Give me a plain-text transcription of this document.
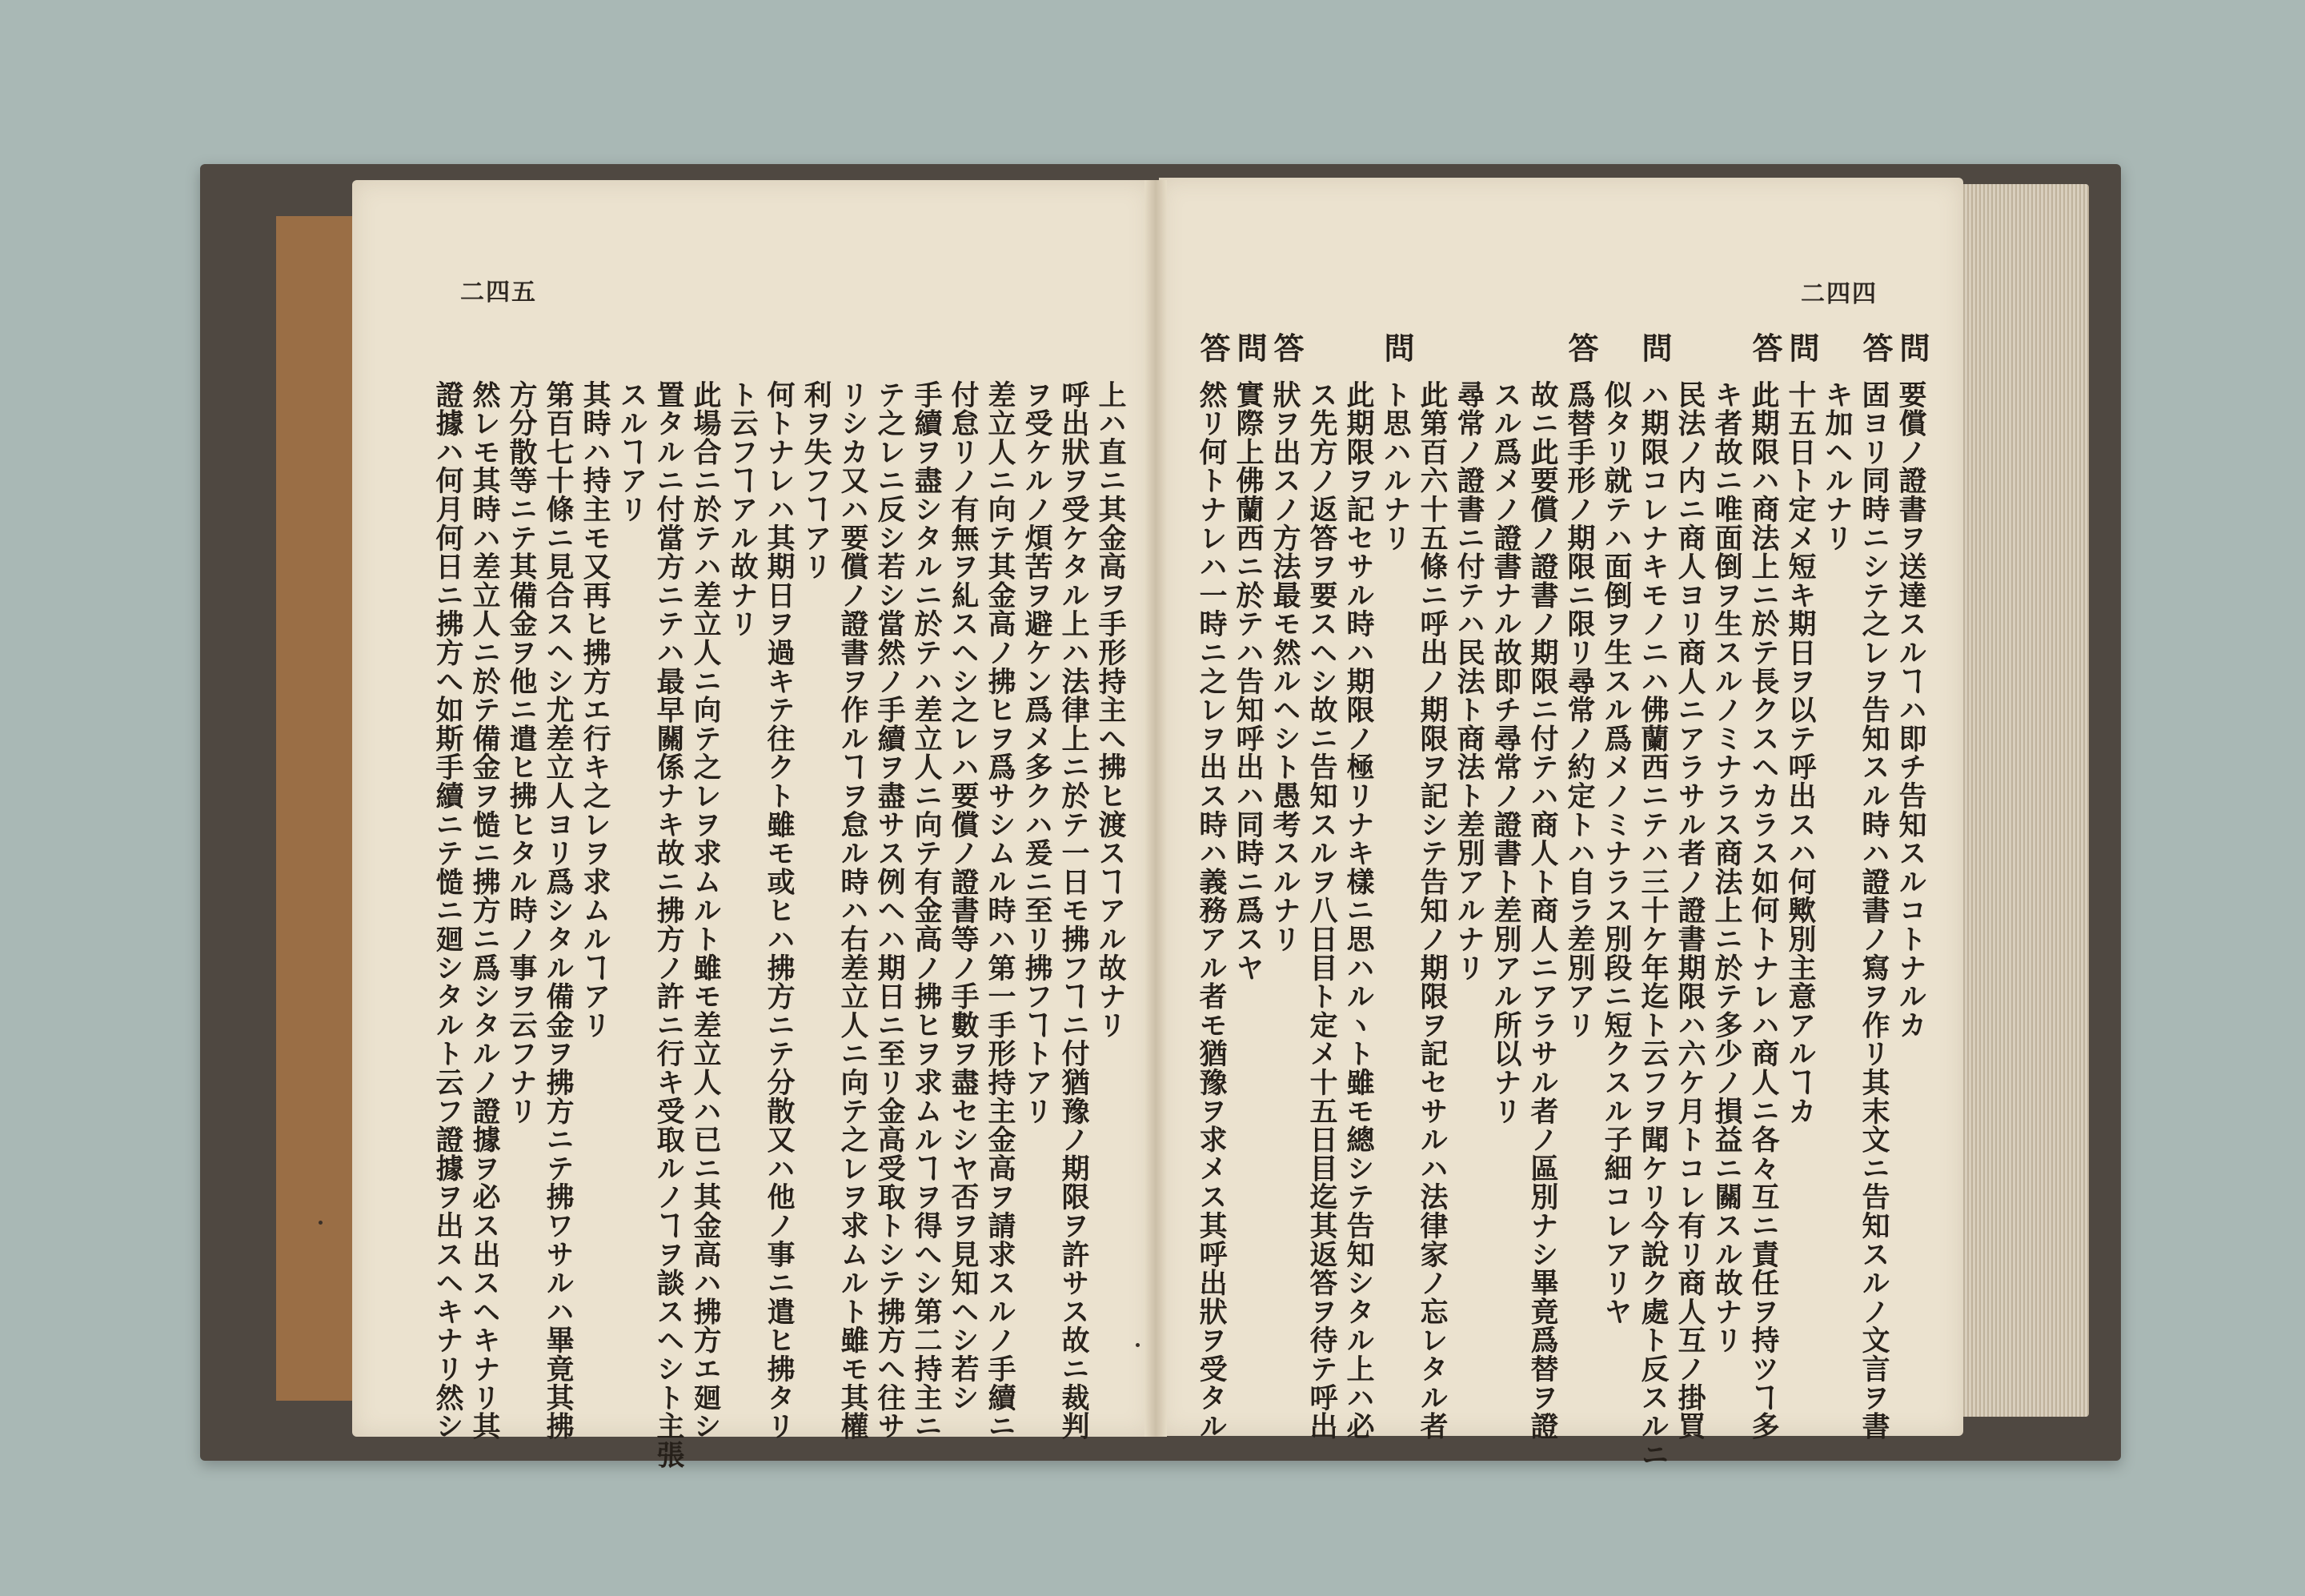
二四五	二四四
上ハ直ニ其金高ヲ手形持主へ拂ヒ渡スヿアル故ナリ
呼出狀ヲ受ケタル上ハ法律上ニ於テ一日モ拂フヿニ付猶豫ノ期限ヲ許サス故ニ裁判
ヲ受ケルノ煩苦ヲ避ケン爲メ多クハ爰ニ至リ拂フヿトアリ
差立人ニ向テ其金高ノ拂ヒヲ爲サシムル時ハ第一手形持主金高ヲ請求スルノ手續ニ
付怠リノ有無ヲ糺スヘシ之レハ要償ノ證書等ノ手數ヲ盡セシヤ否ヲ見知ヘシ若シ
手續ヲ盡シタルニ於テハ差立人ニ向テ有金高ノ拂ヒヲ求ムルヿヲ得へシ第二持主ニ
テ之レニ反シ若シ當然ノ手續ヲ盡サス例ヘハ期日ニ至リ金高受取トシテ拂方へ往サ
リシカ又ハ要償ノ證書ヲ作ルヿヲ怠ル時ハ右差立人ニ向テ之レヲ求ムルト雖モ其權
利ヲ失フヿアリ
何トナレハ其期日ヲ過キテ往クト雖モ或ヒハ拂方ニテ分散又ハ他ノ事ニ遣ヒ拂タリ
ト云フヿアル故ナリ
此場合ニ於テハ差立人ニ向テ之レヲ求ムルト雖モ差立人ハ已ニ其金高ハ拂方エ廻シ
置タルニ付當方ニテハ最早關係ナキ故ニ拂方ノ許ニ行キ受取ルノヿヲ談スヘシト主張
スルヿアリ
其時ハ持主モ又再ヒ拂方エ行キ之レヲ求ムルヿアリ
第百七十條ニ見合スヘシ尤差立人ヨリ爲シタル備金ヲ拂方ニテ拂ワサルハ畢竟其拂
方分散等ニテ其備金ヲ他ニ遣ヒ拂ヒタル時ノ事ヲ云フナリ
然レモ其時ハ差立人ニ於テ備金ヲ慥ニ拂方ニ爲シタルノ證據ヲ必ス出スヘキナリ其
證據ハ何月何日ニ拂方へ如斯手續ニテ慥ニ廻シタルト云フ證據ヲ出スヘキナリ然シ
問
要償ノ證書ヲ送達スルヿハ即チ告知スルコトナルカ
答
固ヨリ同時ニシテ之レヲ告知スル時ハ證書ノ寫ヲ作リ其末文ニ告知スルノ文言ヲ書
キ加ヘルナリ
問
十五日ト定メ短キ期日ヲ以テ呼出スハ何歟別主意アルヿカ
答
此期限ハ商法上ニ於テ長クスヘカラス如何トナレハ商人ニ各々互ニ責任ヲ持ツヿ多
キ者故ニ唯面倒ヲ生スルノミナラス商法上ニ於テ多少ノ損益ニ關スル故ナリ
民法ノ内ニ商人ヨリ商人ニアラサル者ノ證書期限ハ六ケ月トコレ有リ商人互ノ掛買
問
ハ期限コレナキモノニハ佛蘭西ニテハ三十ケ年迄ト云フヲ聞ケリ今說ク處ト反スルニ
似タリ就テハ面倒ヲ生スル爲メノミナラス別段ニ短クスル子細コレアリヤ
答
爲替手形ノ期限ニ限リ尋常ノ約定トハ自ラ差別アリ
故ニ此要償ノ證書ノ期限ニ付テハ商人ト商人ニアラサル者ノ區別ナシ畢竟爲替ヲ證
スル爲メノ證書ナル故即チ尋常ノ證書ト差別アル所以ナリ
尋常ノ證書ニ付テハ民法ト商法ト差別アルナリ
此第百六十五條ニ呼出ノ期限ヲ記シテ告知ノ期限ヲ記セサルハ法律家ノ忘レタル者
問
ト思ハルナリ
此期限ヲ記セサル時ハ期限ノ極リナキ樣ニ思ハルヽト雖モ總シテ告知シタル上ハ必
ス先方ノ返答ヲ要スヘシ故ニ告知スルヲ八日目ト定メ十五日目迄其返答ヲ待テ呼出
答
狀ヲ出スノ方法最モ然ルヘシト愚考スルナリ
問
實際上佛蘭西ニ於テハ告知呼出ハ同時ニ爲スヤ
答
然リ何トナレハ一時ニ之レヲ出ス時ハ義務アル者モ猶豫ヲ求メス其呼出狀ヲ受タル
